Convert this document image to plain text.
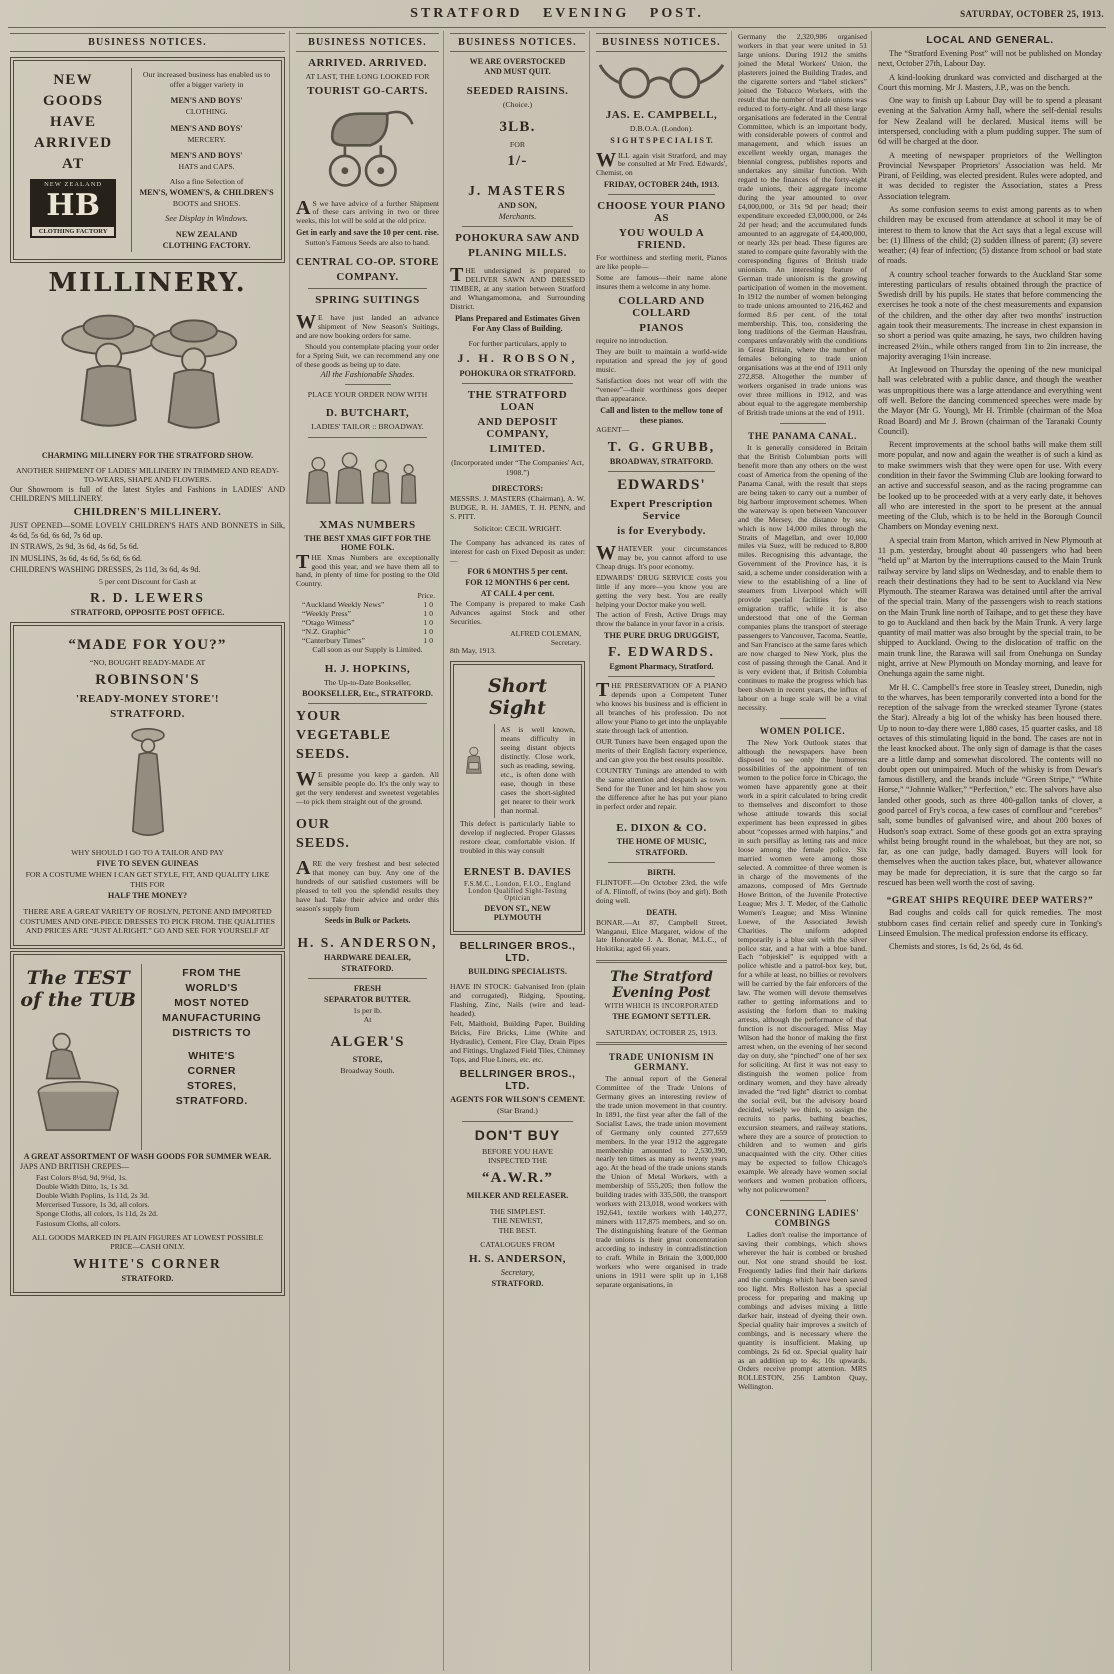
STRATFORD EVENING POST.	SATURDAY, OCTOBER 25, 1913.
BUSINESS NOTICES.
NEW
GOODS
HAVE
ARRIVED
AT
NEW ZEALAND
HB
CLOTHING FACTORY
Our increased business has enabled us to offer a bigger variety in

MEN'S AND BOYS'
CLOTHING.

MEN'S AND BOYS'
MERCERY.

MEN'S AND BOYS'
HATS and CAPS.

Also a fine Selection of
MEN'S, WOMEN'S, & CHILDREN'S
BOOTS and SHOES.

See Display in Windows.

NEW ZEALAND
CLOTHING FACTORY.
MILLINERY.
CHARMING MILLINERY FOR THE STRATFORD SHOW.

ANOTHER SHIPMENT OF LADIES' MILLINERY IN TRIMMED AND READY-TO-WEARS, SHAPE AND FLOWERS.
Our Showroom is full of the latest Styles and Fashions in LADIES' AND CHILDREN'S MILLINERY.
CHILDREN'S MILLINERY.
JUST OPENED—SOME LOVELY CHILDREN'S HATS AND BONNETS in Silk, 4s 6d, 5s 6d, 6s 6d, 7s 6d up.
IN STRAWS, 2s 9d, 3s 6d, 4s 6d, 5s 6d.
IN MUSLINS, 3s 6d, 4s 6d, 5s 6d, 6s 6d.
CHILDREN'S WASHING DRESSES, 2s 11d, 3s 6d, 4s 9d.
5 per cent Discount for Cash at
R. D. LEWERS
STRATFORD, OPPOSITE POST OFFICE.
“MADE FOR YOU?”
“NO, BOUGHT READY-MADE AT
ROBINSON'S
'READY-MONEY STORE'!
STRATFORD.
WHY SHOULD I GO TO A TAILOR AND PAY
FIVE TO SEVEN GUINEAS
FOR A COSTUME WHEN I CAN GET STYLE, FIT, AND QUALITY LIKE THIS FOR
HALF THE MONEY?

THERE ARE A GREAT VARIETY OF ROSLYN, PETONE AND IMPORTED COSTUMES AND ONE-PIECE DRESSES TO PICK FROM. THE QUALITIES AND PRICES ARE “JUST ALRIGHT.” GO AND SEE FOR YOURSELF AT
The TEST of the TUB
FROM THE
WORLD'S
MOST NOTED
MANUFACTURING
DISTRICTS TO

WHITE'S
CORNER
STORES,
STRATFORD.
A GREAT ASSORTMENT OF WASH GOODS FOR SUMMER WEAR.
JAPS AND BRITISH CREPES—
Fast Colors 8½d, 9d, 9½d, 1s.
Double Width Ditto, 1s, 1s 3d.
Double Width Poplins, 1s 11d, 2s 3d.
Mercerised Tussore, 1s 3d, all colors.
Sponge Cloths, all colors, 1s 11d, 2s 2d.
Fastosum Cloths, all colors.

ALL GOODS MARKED IN PLAIN FIGURES AT LOWEST POSSIBLE PRICE—CASH ONLY.
WHITE'S CORNER
STRATFORD.
BUSINESS NOTICES.
ARRIVED. ARRIVED.
AT LAST, THE LONG LOOKED FOR
TOURIST GO-CARTS.
AS we have advice of a further Shipment of these cars arriving in two or three weeks, this lot will be sold at the old price.
Get in early and save the 10 per cent. rise.
Sutton's Famous Seeds are also to hand.

CENTRAL CO-OP. STORE
COMPANY.
SPRING SUITINGS

WE have just landed an advance shipment of New Season's Suitings, and are now booking orders for same.
Should you contemplate placing your order for a Spring Suit, we can recommend any one of these goods as being up to date.
All the Fashionable Shades.
PLACE YOUR ORDER NOW WITH

D. BUTCHART,
LADIES' TAILOR :: BROADWAY.
XMAS NUMBERS
THE BEST XMAS GIFT FOR THE HOME FOLK.
THE Xmas Numbers are exceptionally good this year, and we have them all to hand, in plenty of time for posting to the Old Country.
Price.
“Auckland Weekly News”	1 0
“Weekly Press”	1 0
“Otago Witness”	1 0
“N.Z. Graphic”	1 0
“Canterbury Times”	1 0
Call soon as our Supply is Limited.

H. J. HOPKINS,
The Up-to-Date Bookseller,
BOOKSELLER, Etc., STRATFORD.
YOUR
VEGETABLE
SEEDS.

WE presume you keep a garden. All sensible people do. It's the only way to get the very tenderest and sweetest vegetables—to pick them straight out of the ground.

OUR
SEEDS.

ARE the very freshest and best selected that money can buy. Any one of the hundreds of our satisfied customers will be pleased to tell you the splendid results they have had. Take their advice and order this season's supply from
Seeds in Bulk or Packets.

H. S. ANDERSON,
HARDWARE DEALER,
STRATFORD.
FRESH
SEPARATOR BUTTER.
1s per lb.
At

ALGER'S
STORE,
Broadway South.
BUSINESS NOTICES.
WE ARE OVERSTOCKED
AND MUST QUIT.

SEEDED RAISINS.
(Choice.)

3LB.
FOR
1/-

J. MASTERS
AND SON,
Merchants.
POHOKURA SAW AND
PLANING MILLS.

THE undersigned is prepared to DELIVER SAWN AND DRESSED TIMBER, at any station between Stratford and Whangamomona, and Surrounding District.
Plans Prepared and Estimates Given For Any Class of Building.

For further particulars, apply to
J. H. ROBSON,
POHOKURA OR STRATFORD.
THE STRATFORD LOAN
AND DEPOSIT COMPANY,
LIMITED.
(Incorporated under “The Companies' Act, 1908.”)

DIRECTORS:
MESSRS. J. MASTERS (Chairman), A. W. BUDGE, R. H. JAMES, T. H. PENN, and S. PITT.
Solicitor: CECIL WRIGHT.

The Company has advanced its rates of interest for cash on Fixed Deposit as under:—
FOR 6 MONTHS 5 per cent.
FOR 12 MONTHS 6 per cent.
AT CALL 4 per cent.
The Company is prepared to make Cash Advances against Stock and other Securities.
ALFRED COLEMAN,
Secretary.
8th May, 1913.
Short Sight
AS is well known, means difficulty in seeing distant objects distinctly. Close work, such as reading, sewing, etc., is often done with ease, though in these cases the short-sighted get nearer to their work than normal.
This defect is particularly liable to develop if neglected. Proper Glasses restore clear, comfortable vision. If troubled in this way consult

ERNEST B. DAVIES
F.S.M.C., London, F.I.O., England
London Qualified Sight-Testing Optician
DEVON ST., NEW PLYMOUTH
BELLRINGER BROS., LTD.
BUILDING SPECIALISTS.

HAVE IN STOCK: Galvanised Iron (plain and corrugated), Ridging, Spouting, Flashing, Zinc, Nails (wire and lead-headed).
Felt, Maithoid, Building Paper, Building Bricks, Fire Bricks, Lime (White and Hydraulic), Cement, Fire Clay, Drain Pipes and Fittings, Unglazed Field Tiles, Chimney Tops, and Flue Liners, etc. etc.
BELLRINGER BROS., LTD.
AGENTS FOR WILSON'S CEMENT.
(Star Brand.)
DON'T BUY
BEFORE YOU HAVE
INSPECTED THE
“A.W.R.”
MILKER AND RELEASER.

THE SIMPLEST.
THE NEWEST,
THE BEST.

CATALOGUES FROM
H. S. ANDERSON,
Secretary,
STRATFORD.
BUSINESS NOTICES.
JAS. E. CAMPBELL,
D.B.O.A. (London).
S I G H T S P E C I A L I S T.

WILL again visit Stratford, and may be consulted at Mr Fred. Edwards', Chemist, on
FRIDAY, OCTOBER 24th, 1913.
CHOOSE YOUR PIANO AS
YOU WOULD A FRIEND.
For worthiness and sterling merit, Pianos are like people—
Some are famous—their name alone insures them a welcome in any home.
COLLARD AND COLLARD
PIANOS
require no introduction.
They are built to maintain a world-wide reputation and spread the joy of good music.
Satisfaction does not wear off with the “veneer”—their worthiness goes deeper than appearance.
Call and listen to the mellow tone of these pianos.
AGENT—
T. G. GRUBB,
BROADWAY, STRATFORD.
EDWARDS'
Expert Prescription Service
is for Everybody.

WHATEVER your circumstances may be, you cannot afford to use Cheap drugs. It's poor economy.
EDWARDS' DRUG SERVICE costs you little if any more—you know you are getting the very best. You are really helping your Doctor make you well.
The action of Fresh, Active Drugs may throw the balance in your favor in a crisis.
THE PURE DRUG DRUGGIST,
F. EDWARDS.
Egmont Pharmacy, Stratford.
THE PRESERVATION OF A PIANO depends upon a Competent Tuner who knows his business and is efficient in all branches of his profession. Do not allow your Piano to get into the unplayable state through lack of attention.
OUR Tuners have been engaged upon the merits of their English factory experience, and can give you the best results possible.
COUNTRY Tunings are attended to with the same attention and despatch as town. Send for the Tuner and let him show you the difference after he has put your piano in perfect order and repair.

E. DIXON & CO.
THE HOME OF MUSIC,
STRATFORD.
BIRTH.
FLINTOFF.—On October 23rd, the wife of A. Flintoff, of twins (boy and girl). Both doing well.
DEATH.
BONAR.—At 87, Campbell Street, Wanganui, Elice Margaret, widow of the late Honorable J. A. Bonar, M.L.C., of Hokitika; aged 66 years.
The Stratford Evening Post
WITH WHICH IS INCORPORATED
THE EGMONT SETTLER.

SATURDAY, OCTOBER 25, 1913.
TRADE UNIONISM IN GERMANY.
The annual report of the General Committee of the Trade Unions of Germany gives an interesting review of the trade union movement in that country. In 1891, the first year after the fall of the Socialist Laws, the trade union movement of Germany only counted 277,659 members. In the year 1912 the aggregate membership amounted to 2,530,390, nearly ten times as many as twenty years ago. At the head of the trade unions stands the Union of Metal Workers, with a membership of 555,205; then follow the building trades with 335,500, the transport workers with 213,018, wood workers with 192,641, textile workers with 140,277, miners with 117,875 members, and so on. The distinguishing feature of the German trade unions is their great concentration according to industry in contradistinction to craft. While in Britain the 3,000,000 workers who were organised in trade unions in 1911 were split up in 1,168 separate organisations, in
Germany the 2,320,986 organised workers in that year were united in 51 large unions. During 1912 the smiths joined the Metal Workers' Union, the plasterers joined the Building Trades, and the cigarette sorters and “label stickers” joined the Tobacco Workers, with the result that the number of trade unions was reduced to forty-eight. And all these large organisations are federated in the Central Committee, which is an important body, with considerable powers of control and management, and which issues an excellent weekly organ, manages the biennial congress, publishes reports and undertakes any similar function. With regard to the finances of the forty-eight trade unions, their aggregate income during the year amounted to over £4,000,000, or 31s 9d per head; their expenditure exceeded £3,000,000, or 24s 2d per head; and the accumulated funds amounted to an aggregate of £4,400,000, or nearly 32s per head. These figures are stated to compare quite favorably with the corresponding figures of British trade unionism. An interesting feature of German trade unionism is the growing participation of women in the movement. In 1912 the number of women belonging to trade unions amounted to 216,462 and formed 8.6 per cent. of the total membership. This, too, considering the long traditions of the German Hausfrau, compares unfavorably with the conditions in Great Britain, where the number of females belonging to trade union organisations was at the end of 1911 only 272,858. Altogether the number of workers organised in trade unions was over three millions in 1912, and was about equal to the aggregate membership of British trade unions at the end of 1911.
THE PANAMA CANAL.
It is generally considered in Britain that the British Columbian ports will benefit more than any others on the west coast of America from the opening of the Panama Canal, with the result that steps are being taken to carry out a number of big harbour improvement schemes. When the waterway is open between Vancouver and the Mersey, the distance by sea, which is now 14,000 miles through the Straits of Magellan, and over 10,000 miles via Suez, will be reduced to 8,800 miles. Recognising this advantage, the Government of the Province has, it is said, a scheme under consideration with a view to the establishing of a line of steamers from Liverpool which will provide special facilities for the emigration traffic, while it is also understood that one of the German companies plans the transport of steerage passengers to Vancouver, Tacoma, Seattle, and San Francisco at the same fares which are now charged to New York, plus the cost of passing through the Canal. And it is very evident that, if British Columbia continues to make the progress which has been shown in recent years, the influx of labour on a huge scale will be a vital necessity.
WOMEN POLICE.
The New York Outlook states that although the newspapers have been disposed to see only the humorous possibilities of the appointment of ten women to the police force in Chicago, the women have apparently gone at their work in a spirit calculated to bring credit to themselves and discomfort to those whose attitude towards this social experiment has been expressed in gibes about “copesses armed with hatpins,” and in such persiflay as letting rats and mice loose among the female police. Six married women were among those selected. A committee of three women is in charge of the movements of the amazons, composed of Mrs Gertrude Howe Britton, of the Juvenile Protective League; Mrs J. T. Meder, of the Catholic Women's League; and Miss Winnine Loewe, of the Associated Jewish Charities. The uniform adopted temporarily is a blue suit with the silver police star, and a hat with a blue band. Each “objeskiel” is equipped with a police whistle and a patrol-box key, but, for a while at least, no billies or revolvers will be carried by the fair enforcers of the law. The women will devote themselves rather to getting informations and to assisting the forlorn than to making arrests, although the performance of that function is not discouraged. Miss May Wilson had the honor of making the first arrest when, on the evening of her second day on duty, she “pinched” one of her sex for soliciting. At first it was not easy to distinguish the women police from ordinary women, and they have already invaded the “red light” district to combat the social evil, but the advisory board decided, wisely we think, to assign the recruits to parks, bathing beaches, excursion steamers, and railway stations, where they are a source of protection to children and to women and girls unacquainted with the city. Other cities may be expected to follow Chicago's example. We already have women social workers and women probation officers, why not policewomen?
CONCERNING LADIES' COMBINGS
Ladies don't realise the importance of saving their combings, which shows wherever the hair is combed or brushed out. Not one strand should be lost. Frequently ladies find their hair darkens and the combings which have been saved too light. Mrs Rolleston has a special process for preparing and making up combings and advises mixing a little darker hair, instead of dyeing their own. Special quality hair improves a switch of combings, and is necessary where the quantity is insufficient. Making up combings, 2s 6d oz. Special quality hair as an addition up to 4s; 10s upwards. Orders receive prompt attention. MRS ROLLESTON, 256 Lambton Quay, Wellington.
LOCAL AND GENERAL.
The “Stratford Evening Post” will not be published on Monday next, October 27th, Labour Day.
A kind-looking drunkard was convicted and discharged at the Court this morning. Mr J. Masters, J.P., was on the bench.
One way to finish up Labour Day will be to spend a pleasant evening at the Salvation Army hall, where the self-denial results for New Zealand will be declared. Musical items will be interspersed, concluding with a plum pudding supper. The sum of 6d will be charged at the door.
A meeting of newspaper proprietors of the Wellington Provincial Newspaper Proprietors' Association was held. Mr Pirani, of Feilding, was elected president. Rules were adopted, and it was decided to register the Association, states a Press Association telegram.
As some confusion seems to exist among parents as to when children may be excused from attendance at school it may be of interest to them to know that the Act says that a legal excuse will be: (1) Illness of the child; (2) sudden illness of parent; (3) severe weather; (4) fear of infection; (5) distance from school or bad state of roads.
A country school teacher forwards to the Auckland Star some interesting particulars of results obtained through the practice of Swedish drill by his pupils. He states that before commencing the exercises he took a note of the chest measurements and expansion of the children, and the other day after two months' instruction again took their measurements. The increase in chest expansion in so short a period was quite amazing, he says, two children having increased 2½in., while others ranged from 1in to 2in increase, the majority averaging 1¼in increase.
At Inglewood on Thursday the opening of the new municipal hall was celebrated with a public dance, and though the weather was unpropitious there was a large attendance and everything went off well. Before the dancing commenced speeches were made by the Mayor (Mr G. Young), Mr H. Trimble (chairman of the Moa Road Board) and Mr J. Brown (chairman of the Taranaki County Council).
Recent improvements at the school baths will make them still more popular, and now and again the weather is of such a kind as to make swimmers wish that they were open for use. With every condition in their favor the Swimming Club are looking forward to an active and successful season, and as the racing programme can be looked up to be proceeded with at a very early date, it behoves all who are interested in the sport to be present at the annual meeting of the Club, which is to be held in the Borough Council Chambers on Monday evening next.
A special train from Marton, which arrived in New Plymouth at 11 p.m. yesterday, brought about 40 passengers who had been “held up” at Marton by the interruptions caused to the Main Trunk railway service by land slips on Wednesday, and to enable them to reach their destinations they had to be sent to Auckland via New Plymouth. The steamer Rarawa was detained until after the arrival of the special train. Many of the passengers wish to reach stations on the Main Trunk line north of Taihape, and to get these they have to go to Auckland and then back by the Main Trunk. A very large quantity of mail matter was also brought by the special train, to be shipped to Auckland. Owing to the dislocation of traffic on the main trunk line, the Rarawa will sail from Onehunga on Sunday night, arrive at New Plymouth on Monday morning, and leave for Onehunga again the same night.
Mr H. C. Campbell's free store in Teasley street, Dunedin, nigh to the wharves, has been temporarily converted into a bond for the reception of the salvage from the wrecked steamer Tyrone (states the Star). Already a big lot of the whisky has been housed there. Up to noon to-day there were 1,880 cases, 15 quarter casks, and 18 octaves of this stimulating liquid in the bond. The cases are not in the least knocked about. The only sign of damage is that the cases are a little damp and somewhat discolored. The contents will no doubt open out unimpaired. Much of the whisky is from Dewar's famous distillery, and the brands include “Green Stripe,” “White Horse,” “Johnnie Walker,” “Perfection,” etc. The salvors have also landed other goods, such as three 400-gallon tanks of clover, a good parcel of Fry's cocoa, a few cases of cornflour and “cerebos” salt, some bundles of galvanised wire, and about 200 boxes of Hudson's soap extract. Some of these goods got an extra spraying whilst being brought round in the whaleboat, but they are not, so far, as one can judge, badly damaged. Buyers will look for themselves when the auction takes place, but, whatever allowance may be made for depreciation, it is sure that the cargo so far rescued has been well worth the cost of saving.
“GREAT SHIPS REQUIRE DEEP WATERS?”
Bad coughs and colds call for quick remedies. The most stubborn cases find certain relief and speedy cure in Tonking's Linseed Emulsion. The medical profession endorse its efficacy.
Chemists and stores, 1s 6d, 2s 6d, 4s 6d.
